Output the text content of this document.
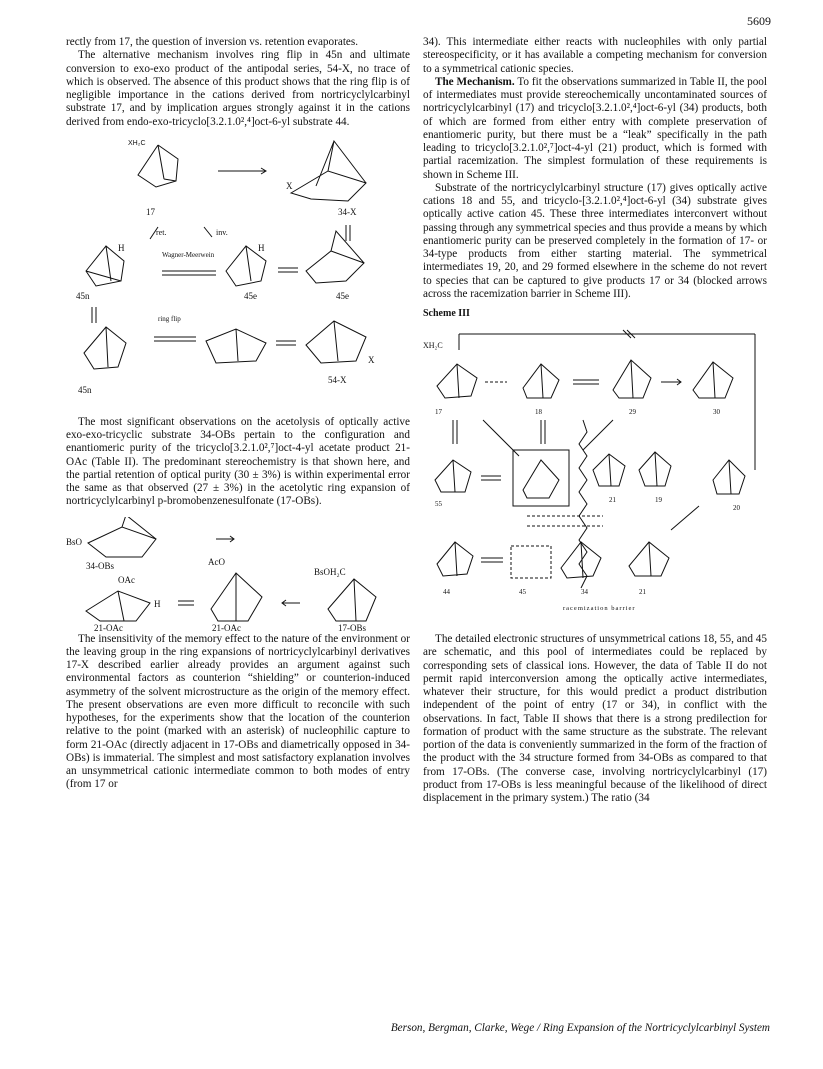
5609

rectly from 17, the question of inversion vs. retention evaporates.

The alternative mechanism involves ring flip in 45n and ultimate conversion to exo-exo product of the antipodal series, 54-X, no trace of which is observed. The absence of this product shows that the ring flip is of negligible importance in the cations derived from nortricyclylcarbinyl substrate 17, and by implication argues strongly against it in the cations derived from endo-exo-tricyclo[3.2.1.0²,⁴]oct-6-yl substrate 44.

XH₂C
17
X
34-X
ret.	inv.
H
45n
Wagner-Meerwein
H
45e	45e
ring flip
45n
X
54-X

The most significant observations on the acetolysis of optically active exo-exo-tricyclic substrate 34-OBs pertain to the configuration and enantiomeric purity of the tricyclo[3.2.1.0²,⁷]oct-4-yl acetate product 21-OAc (Table II). The predominant stereochemistry is that shown here, and the partial retention of optical purity (30 ± 3%) is within experimental error the same as that observed (27 ± 3%) in the acetolytic ring expansion of nortricyclylcarbinyl p-bromobenzenesulfonate (17-OBs).

BsO
34-OBs	AcO
BsOH₂C
OAc
H
21-OAc	21-OAc	17-OBs

The insensitivity of the memory effect to the nature of the environment or the leaving group in the ring expansions of nortricyclylcarbinyl derivatives 17-X described earlier already provides an argument against such environmental factors as counterion “shielding” or counterion-induced asymmetry of the solvent microstructure as the origin of the memory effect. The present observations are even more difficult to reconcile with such hypotheses, for the experiments show that the location of the counterion relative to the point (marked with an asterisk) of nucleophilic capture to form 21-OAc (directly adjacent in 17-OBs and diametrically opposed in 34-OBs) is immaterial. The simplest and most satisfactory explanation involves an unsymmetrical cationic intermediate common to both modes of entry (from 17 or

34). This intermediate either reacts with nucleophiles with only partial stereospecificity, or it has available a competing mechanism for conversion to a symmetrical cationic species.

The Mechanism. To fit the observations summarized in Table II, the pool of intermediates must provide stereochemically uncontaminated sources of nortricyclylcarbinyl (17) and tricyclo[3.2.1.0²,⁴]oct-6-yl (34) products, both of which are formed from either entry with complete preservation of enantiomeric purity, but there must be a “leak” specifically in the path leading to tricyclo[3.2.1.0²,⁷]oct-4-yl (21) product, which is formed with partial racemization. The simplest formulation of these requirements is shown in Scheme III.

Substrate of the nortricyclylcarbinyl structure (17) gives optically active cations 18 and 55, and tricyclo-[3.2.1.0²,⁴]oct-6-yl (34) substrate gives optically active cation 45. These three intermediates interconvert without passing through any symmetrical species and thus provide a means by which enantiomeric purity can be preserved completely in the formation of 17- or 34-type products from either starting material. The symmetrical intermediates 19, 20, and 29 formed elsewhere in the scheme do not revert to species that can be captured to give products 17 or 34 (blocked arrows across the racemization barrier in Scheme III).

Scheme III
XH₂C
17	18	29	30
55	21	19
20
44	45	34	21
racemization barrier

The detailed electronic structures of unsymmetrical cations 18, 55, and 45 are schematic, and this pool of intermediates could be replaced by corresponding sets of classical ions. However, the data of Table II do not permit rapid interconversion among the optically active intermediates, whatever their structure, for this would predict a product distribution independent of the point of entry (17 or 34), in conflict with the observations. In fact, Table II shows that there is a strong predilection for formation of product with the same structure as the substrate. The relevant portion of the data is conveniently summarized in the form of the fraction of the product with the 34 structure formed from 34-OBs as compared to that from 17-OBs. (The converse case, involving nortricyclylcarbinyl (17) product from 17-OBs is less meaningful because of the likelihood of direct displacement in the primary system.) The ratio (34

Berson, Bergman, Clarke, Wege / Ring Expansion of the Nortricyclylcarbinyl System
